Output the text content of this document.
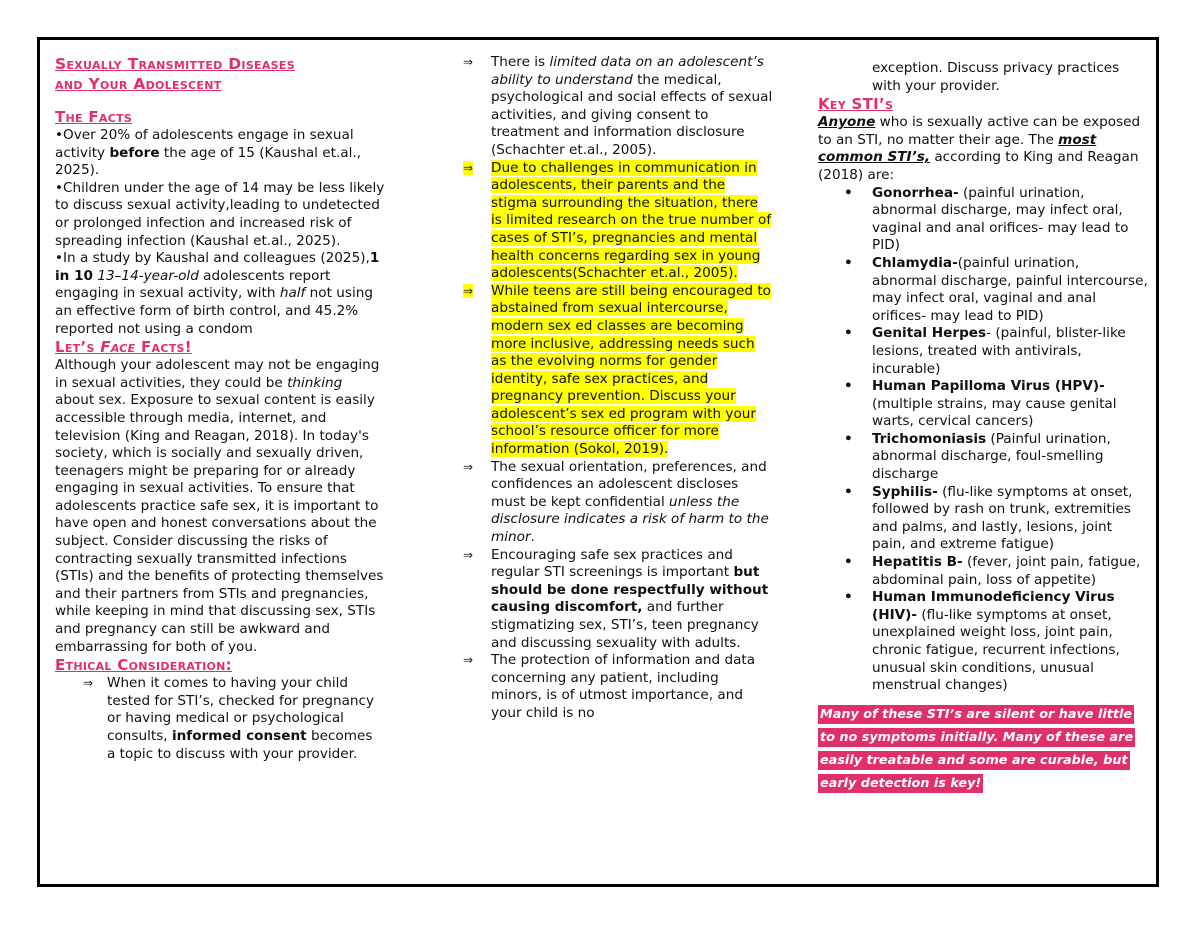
Sexually Transmitted Diseases
and Your Adolescent
The Facts

•Over 20% of adolescents engage in sexual activity before the age of 15 (Kaushal et.al., 2025).

•Children under the age of 14 may be less likely to discuss sexual activity,leading to undetected or prolonged infection and increased risk of spreading infection (Kaushal et.al., 2025).

•In a study by Kaushal and colleagues (2025),1 in 10 13–14-year-old adolescents report engaging in sexual activity, with half not using an effective form of birth control, and 45.2% reported not using a condom

Let’s Face Facts!

Although your adolescent may not be engaging in sexual activities, they could be thinking about sex. Exposure to sexual content is easily accessible through media, internet, and television (King and Reagan, 2018). In today's society, which is socially and sexually driven, teenagers might be preparing for or already engaging in sexual activities. To ensure that adolescents practice safe sex, it is important to have open and honest conversations about the subject. Consider discussing the risks of contracting sexually transmitted infections (STIs) and the benefits of protecting themselves and their partners from STIs and pregnancies, while keeping in mind that discussing sex, STIs and pregnancy can still be awkward and embarrassing for both of you.

Ethical Consideration:
⇒ When it comes to having your child tested for STI’s, checked for pregnancy or having medical or psychological consults, informed consent becomes a topic to discuss with your provider.
⇒ There is limited data on an adolescent’s ability to understand the medical, psychological and social effects of sexual activities, and giving consent to treatment and information disclosure (Schachter et.al., 2005).
⇒ Due to challenges in communication in adolescents, their parents and the stigma surrounding the situation, there is limited research on the true number of cases of STI’s, pregnancies and mental health concerns regarding sex in young adolescents(Schachter et.al., 2005).
⇒ While teens are still being encouraged to abstained from sexual intercourse, modern sex ed classes are becoming more inclusive, addressing needs such as the evolving norms for gender identity, safe sex practices, and pregnancy prevention. Discuss your adolescent’s sex ed program with your school’s resource officer for more information (Sokol, 2019).
⇒ The sexual orientation, preferences, and confidences an adolescent discloses must be kept confidential unless the disclosure indicates a risk of harm to the minor.
⇒ Encouraging safe sex practices and regular STI screenings is important but should be done respectfully without causing discomfort, and further stigmatizing sex, STI’s, teen pregnancy and discussing sexuality with adults.
⇒ The protection of information and data concerning any patient, including minors, is of utmost importance, and your child is no

exception. Discuss privacy practices with your provider.

Key STI’s

Anyone who is sexually active can be exposed to an STI, no matter their age. The most common STI’s, according to King and Reagan (2018) are:

• Gonorrhea- (painful urination, abnormal discharge, may infect oral, vaginal and anal orifices- may lead to PID)
• Chlamydia-(painful urination, abnormal discharge, painful intercourse, may infect oral, vaginal and anal orifices- may lead to PID)
• Genital Herpes- (painful, blister-like lesions, treated with antivirals, incurable)
• Human Papilloma Virus (HPV)- (multiple strains, may cause genital warts, cervical cancers)
• Trichomoniasis (Painful urination, abnormal discharge, foul-smelling discharge
• Syphilis- (flu-like symptoms at onset, followed by rash on trunk, extremities and palms, and lastly, lesions, joint pain, and extreme fatigue)
• Hepatitis B- (fever, joint pain, fatigue, abdominal pain, loss of appetite)
• Human Immunodeficiency Virus (HIV)- (flu-like symptoms at onset, unexplained weight loss, joint pain, chronic fatigue, recurrent infections, unusual skin conditions, unusual menstrual changes)
Many of these STI’s are silent or have little to no symptoms initially. Many of these are easily treatable and some are curable, but early detection is key!
